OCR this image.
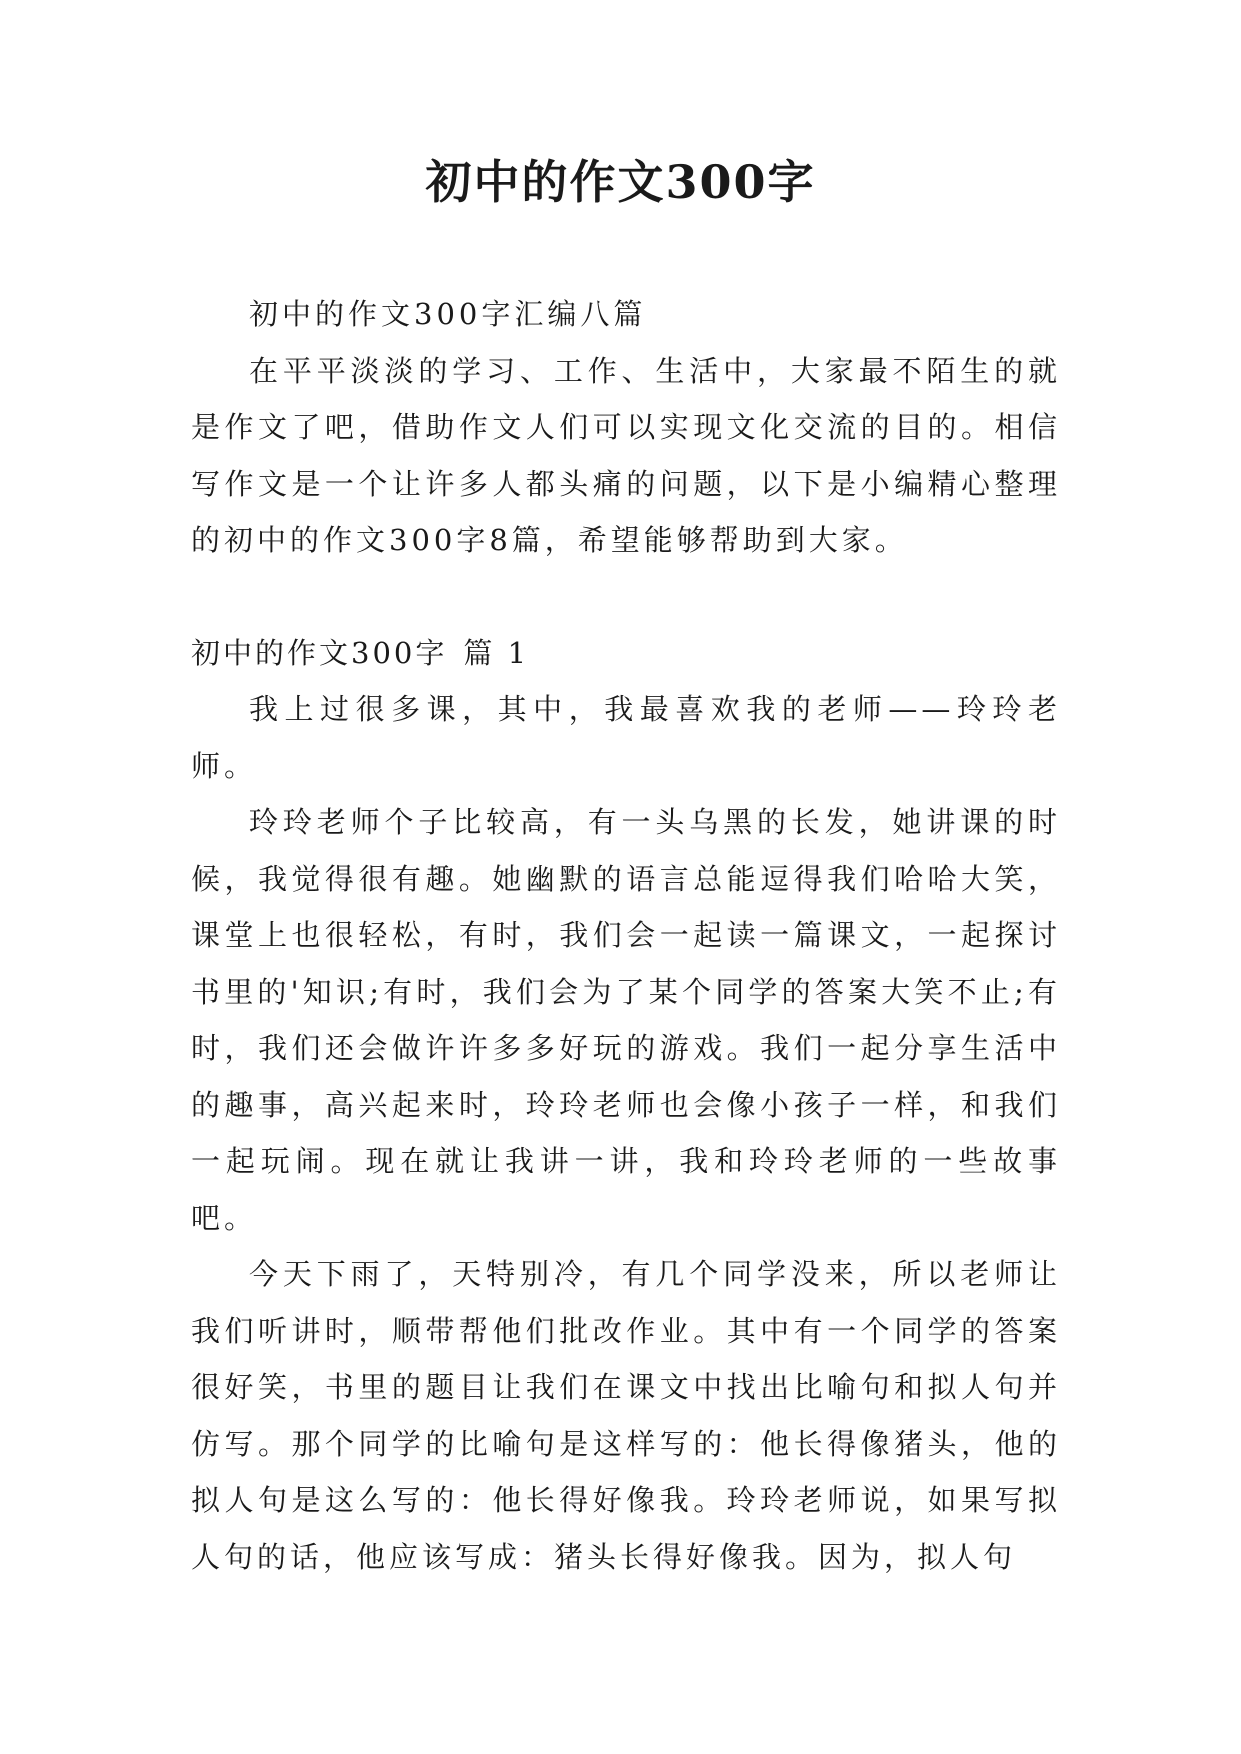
初中的作文300字

初中的作文300字汇编八篇

在平平淡淡的学习、工作、生活中，大家最不陌生的就是作文了吧，借助作文人们可以实现文化交流的目的。相信写作文是一个让许多人都头痛的问题，以下是小编精心整理的初中的作文300字8篇，希望能够帮助到大家。

初中的作文300字 篇 1

我上过很多课，其中，我最喜欢我的老师——玲玲老师。

玲玲老师个子比较高，有一头乌黑的长发，她讲课的时候，我觉得很有趣。她幽默的语言总能逗得我们哈哈大笑，课堂上也很轻松，有时，我们会一起读一篇课文，一起探讨书里的'知识;有时，我们会为了某个同学的答案大笑不止;有时，我们还会做许许多多好玩的游戏。我们一起分享生活中的趣事，高兴起来时，玲玲老师也会像小孩子一样，和我们一起玩闹。现在就让我讲一讲，我和玲玲老师的一些故事吧。

今天下雨了，天特别冷，有几个同学没来，所以老师让我们听讲时，顺带帮他们批改作业。其中有一个同学的答案很好笑，书里的题目让我们在课文中找出比喻句和拟人句并仿写。那个同学的比喻句是这样写的：他长得像猪头，他的拟人句是这么写的：他长得好像我。玲玲老师说，如果写拟人句的话，他应该写成：猪头长得好像我。因为，拟人句
